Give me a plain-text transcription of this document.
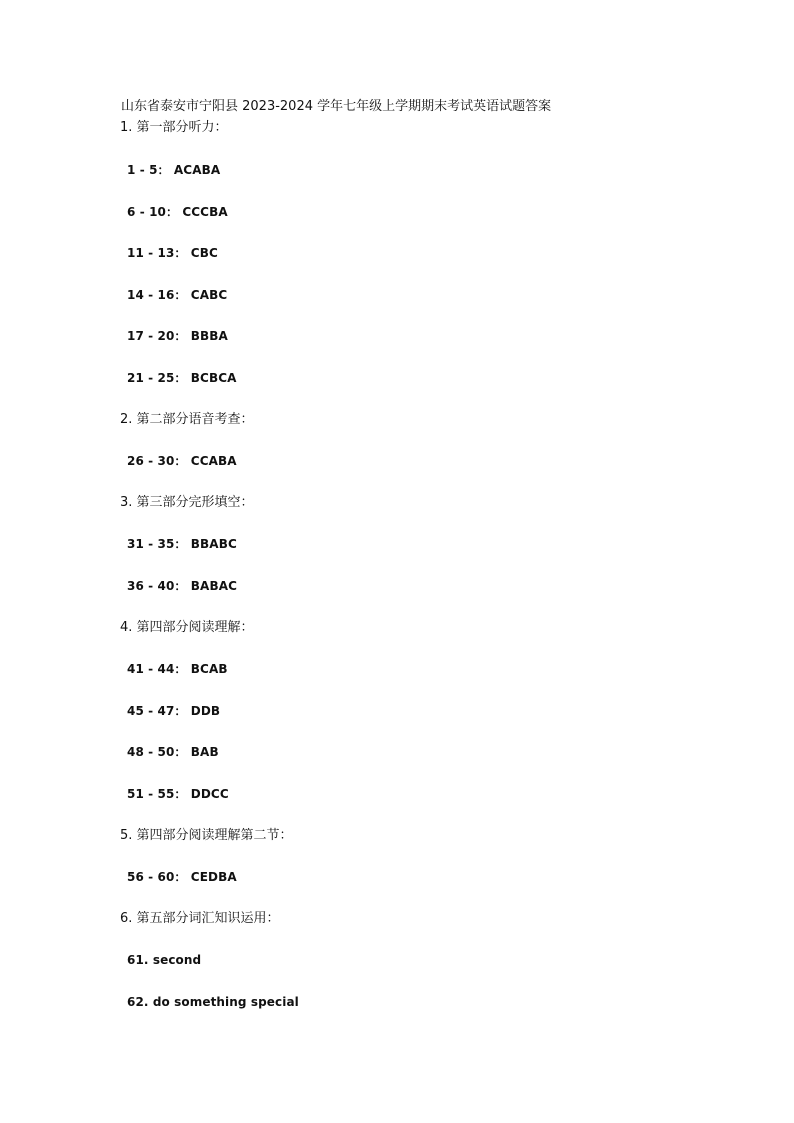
山东省泰安市宁阳县 2023-2024 学年七年级上学期期末考试英语试题答案
1. 第一部分听力：
1 - 5： ACABA
6 - 10： CCCBA
11 - 13： CBC
14 - 16： CABC
17 - 20： BBBA
21 - 25： BCBCA
2. 第二部分语音考查：
26 - 30： CCABA
3. 第三部分完形填空：
31 - 35： BBABC
36 - 40： BABAC
4. 第四部分阅读理解：
41 - 44： BCAB
45 - 47： DDB
48 - 50： BAB
51 - 55： DDCC
5. 第四部分阅读理解第二节：
56 - 60： CEDBA
6. 第五部分词汇知识运用：
61. second
62. do something special
